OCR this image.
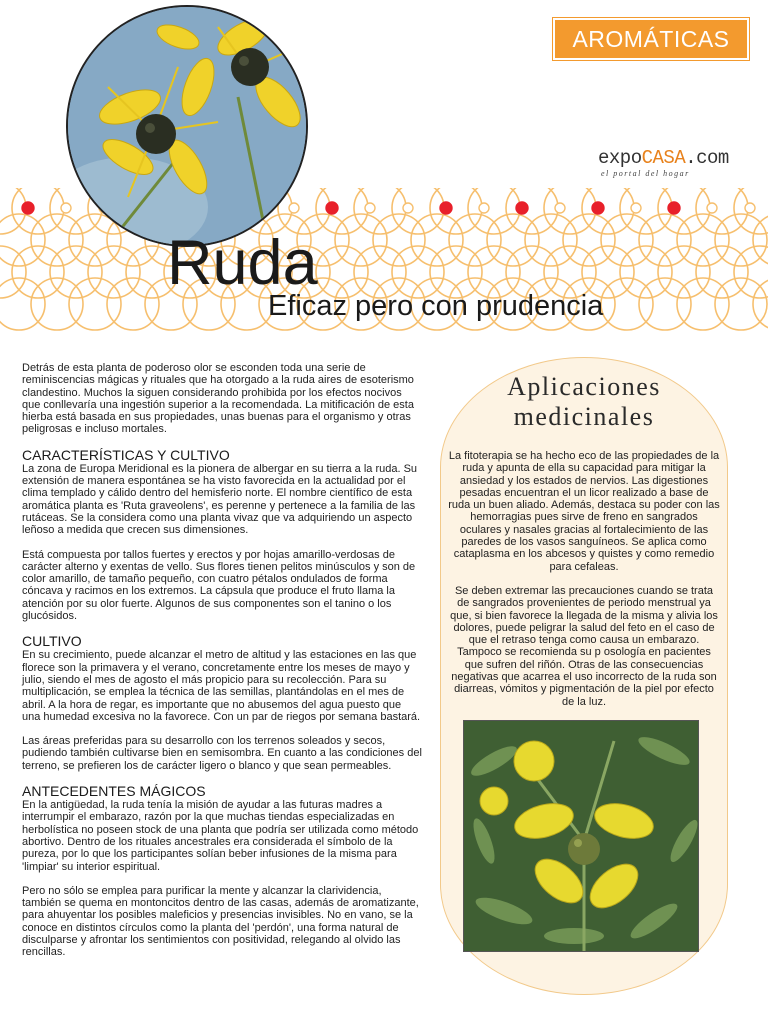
AROMÁTICAS
expoCASA.com
el portal del hogar
Ruda
Eficaz pero con prudencia

Detrás de esta planta de poderoso olor se esconden toda una serie de reminiscencias mágicas y rituales que ha otorgado a la ruda aires de esoterismo clandestino. Muchos la siguen considerando prohibida por los efectos nocivos que conllevaría una ingestión superior a la recomendada. La mitificación de esta hierba está basada en sus propiedades, unas buenas para el organismo y otras peligrosas e incluso mortales.

CARACTERÍSTICAS Y CULTIVO

La zona de Europa Meridional es la pionera de albergar en su tierra a la ruda. Su extensión de manera espontánea se ha visto favorecida en la actualidad por el clima templado y cálido dentro del hemisferio norte. El nombre científico de esta aromática planta es 'Ruta graveolens', es perenne y pertenece a la familia de las rutáceas. Se la considera como una planta vivaz que va adquiriendo un aspecto leñoso a medida que crecen sus dimensiones.

Está compuesta por tallos fuertes y erectos y por hojas amarillo-verdosas de carácter alterno y exentas de vello. Sus flores tienen pelitos minúsculos y son de color amarillo, de tamaño pequeño, con cuatro pétalos ondulados de forma cóncava y racimos en los extremos. La cápsula que produce el fruto llama la atención por su olor fuerte. Algunos de sus componentes son el tanino o los glucósidos.

CULTIVO

En su crecimiento, puede alcanzar el metro de altitud y las estaciones en las que florece son la primavera y el verano, concretamente entre los meses de mayo y julio, siendo el mes de agosto el más propicio para su recolección. Para su multiplicación, se emplea la técnica de las semillas, plantándolas en el mes de abril. A la hora de regar, es importante que no abusemos del agua puesto que una humedad excesiva no la favorece. Con un par de riegos por semana bastará.

Las áreas preferidas para su desarrollo con los terrenos soleados y secos, pudiendo también cultivarse bien en semisombra. En cuanto a las condiciones del terreno, se prefieren los de carácter ligero o blanco y que sean permeables.

ANTECEDENTES MÁGICOS

En la antigüedad, la ruda tenía la misión de ayudar a las futuras madres a interrumpir el embarazo, razón por la que muchas tiendas especializadas en herbolística no poseen stock de una planta que podría ser utilizada como método abortivo. Dentro de los rituales ancestrales era considerada el símbolo de la pureza, por lo que los participantes solían beber infusiones de la misma para 'limpiar' su interior espiritual.

Pero no sólo se emplea para purificar la mente y alcanzar la clarividencia, también se quema en montoncitos dentro de las casas, además de aromatizante, para ahuyentar los posibles maleficios y presencias invisibles. No en vano, se la conoce en distintos círculos como la planta del 'perdón', una forma natural de disculparse y afrontar los sentimientos con positividad, relegando al olvido las rencillas.

Aplicaciones
medicinales

La fitoterapia se ha hecho eco de las propiedades de la ruda y apunta de ella su capacidad para mitigar la ansiedad y los estados de nervios. Las digestiones pesadas encuentran el un licor realizado a base de ruda un buen aliado. Además, destaca su poder con las hemorragias pues sirve de freno en sangrados oculares y nasales gracias al fortalecimiento de las paredes de los vasos sanguíneos. Se aplica como cataplasma en los abcesos y quistes y como remedio para cefaleas.

Se deben extremar las precauciones cuando se trata de sangrados provenientes de periodo menstrual ya que, si bien favorece la llegada de la misma y alivia los dolores, puede peligrar la salud del feto en el caso de que el retraso tenga como causa un embarazo. Tampoco se recomienda su p osología en pacientes que sufren del riñón. Otras de las consecuencias negativas que acarrea el uso incorrecto de la ruda son diarreas, vómitos y pigmentación de la piel por efecto de la luz.
